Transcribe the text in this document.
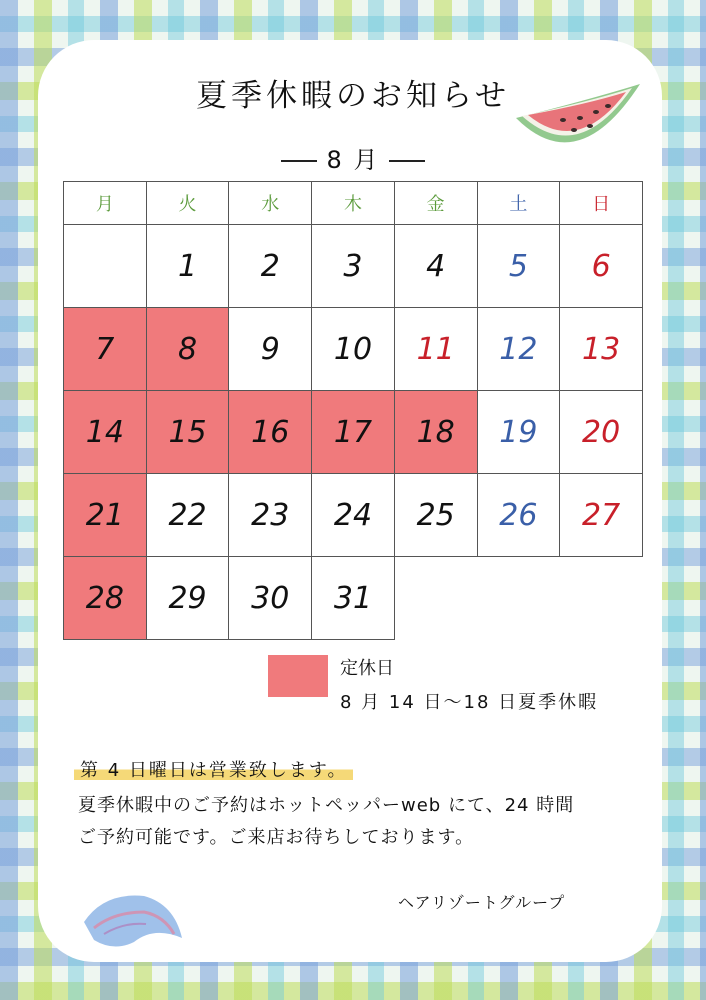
夏季休暇のお知らせ
8 月
月	火	水	木	金	土	日
	1	2	3	4	5	6
7	8	9	10	11	12	13
14	15	16	17	18	19	20
21	22	23	24	25	26	27
28	29	30	31			
定休日
8 月 14 日～18 日夏季休暇
第 4 日曜日は営業致します。
夏季休暇中のご予約はホットペッパーweb にて、24 時間
ご予約可能です。ご来店お待ちしております。
ヘアリゾートグループ
